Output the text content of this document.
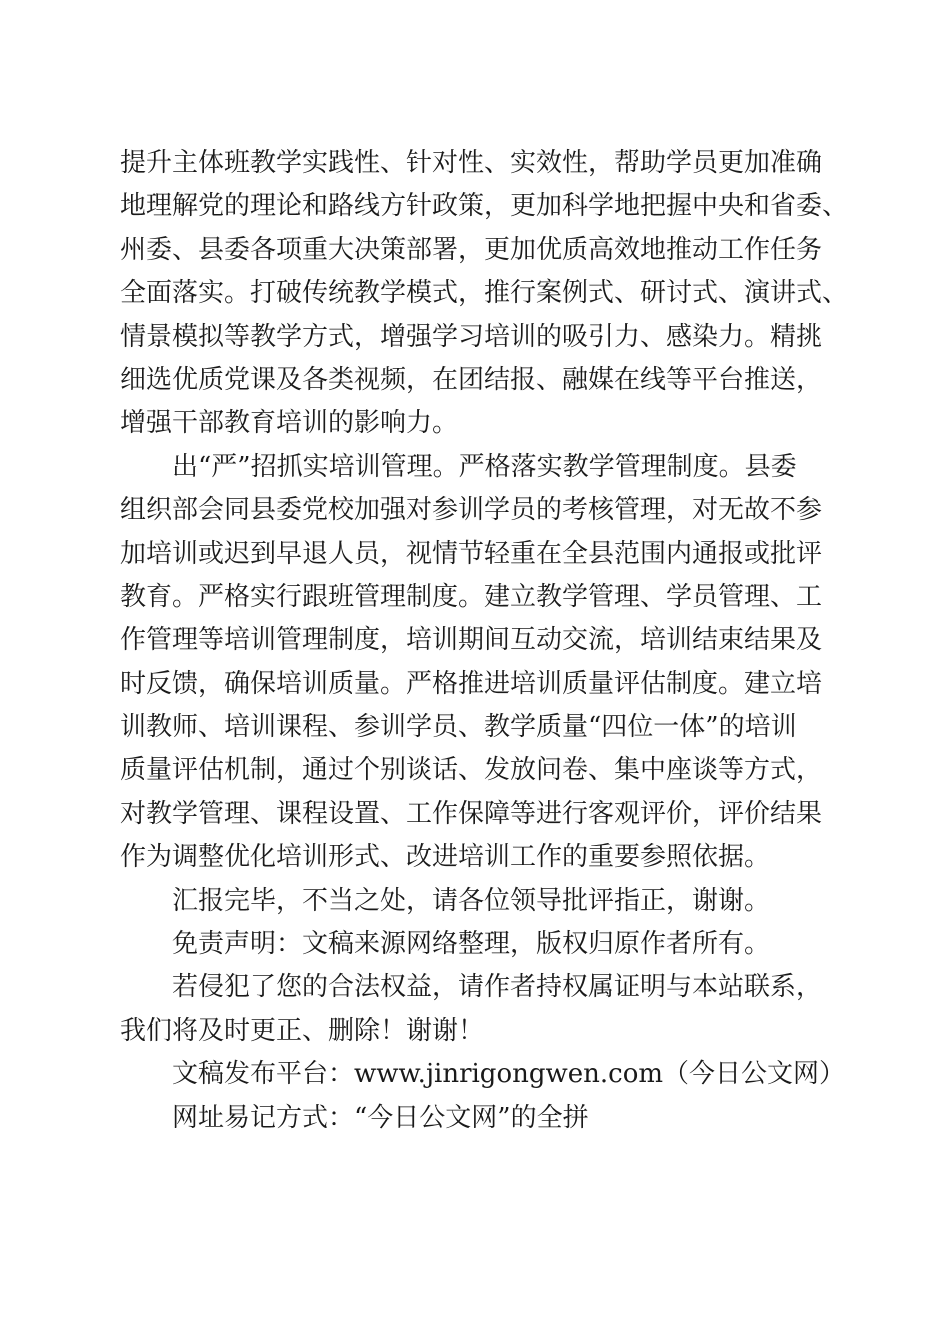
提升主体班教学实践性、针对性、实效性，帮助学员更加准确
地理解党的理论和路线方针政策，更加科学地把握中央和省委、
州委、县委各项重大决策部署，更加优质高效地推动工作任务
全面落实。打破传统教学模式，推行案例式、研讨式、演讲式、
情景模拟等教学方式，增强学习培训的吸引力、感染力。精挑
细选优质党课及各类视频，在团结报、融媒在线等平台推送，
增强干部教育培训的影响力。
出“严”招抓实培训管理。严格落实教学管理制度。县委
组织部会同县委党校加强对参训学员的考核管理，对无故不参
加培训或迟到早退人员，视情节轻重在全县范围内通报或批评
教育。严格实行跟班管理制度。建立教学管理、学员管理、工
作管理等培训管理制度，培训期间互动交流，培训结束结果及
时反馈，确保培训质量。严格推进培训质量评估制度。建立培
训教师、培训课程、参训学员、教学质量“四位一体”的培训
质量评估机制，通过个别谈话、发放问卷、集中座谈等方式，
对教学管理、课程设置、工作保障等进行客观评价，评价结果
作为调整优化培训形式、改进培训工作的重要参照依据。
汇报完毕，不当之处，请各位领导批评指正，谢谢。
免责声明：文稿来源网络整理，版权归原作者所有。
若侵犯了您的合法权益，请作者持权属证明与本站联系，
我们将及时更正、删除！谢谢！
文稿发布平台：www.jinrigongwen.com（今日公文网）
网址易记方式：“今日公文网”的全拼
